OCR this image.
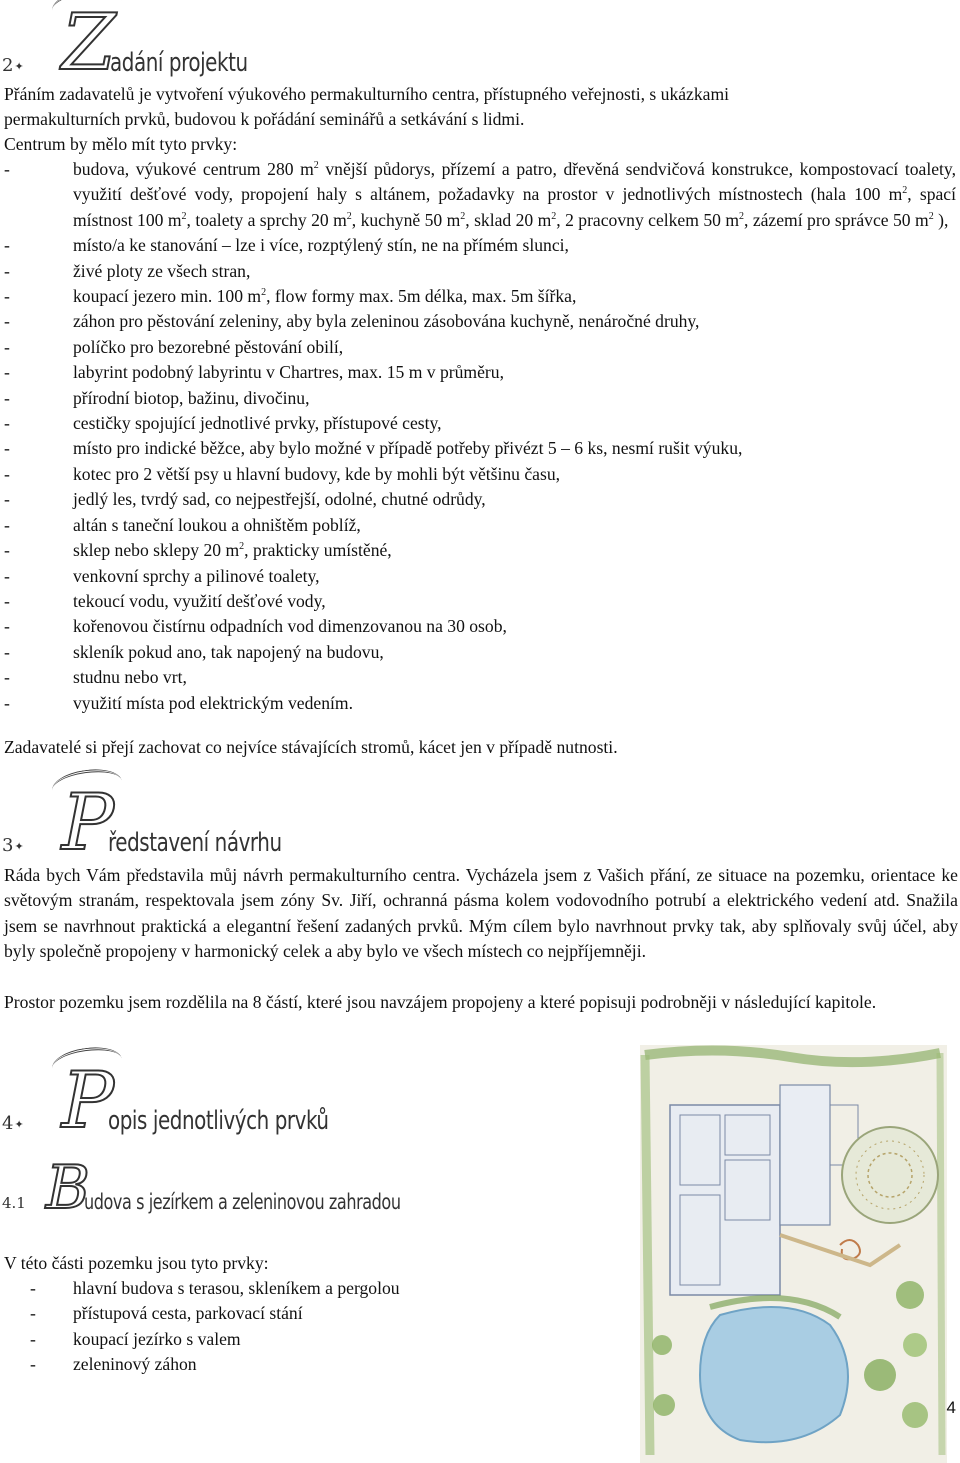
2✦ Z
adání projektu
Přáním zadavatelů je vytvoření výukového permakulturního centra, přístupného veřejnosti, s ukázkami
permakulturních prvků, budovou k pořádání seminářů a setkávání s lidmi.
Centrum by mělo mít tyto prvky:
-	budova, výukové centrum 280 $m^2$ vnější půdorys, přízemí a patro, dřevěná sendvičová konstrukce, kompostovací toalety, využití dešťové vody, propojení haly s altánem, požadavky na prostor v jednotlivých místnostech (hala 100 $m^2$, spací místnost 100 $m^2$, toalety a sprchy 20 $m^2$, kuchyně 50 $m^2$, sklad 20 $m^2$, 2 pracovny celkem 50 $m^2$, zázemí pro správce 50 $m^2$ ),
-	místo/a ke stanování – lze i více, rozptýlený stín, ne na přímém slunci,
-	živé ploty ze všech stran,
-	koupací jezero min. 100 $m^2$, flow formy max. 5m délka, max. 5m šířka,
-	záhon pro pěstování zeleniny, aby byla zeleninou zásobována kuchyně, nenáročné druhy,
-	políčko pro bezorebné pěstování obilí,
-	labyrint podobný labyrintu v Chartres, max. 15 m v průměru,
-	přírodní biotop, bažinu, divočinu,
-	cestičky spojující jednotlivé prvky, přístupové cesty,
-	místo pro indické běžce, aby bylo možné v případě potřeby přivézt 5 – 6 ks, nesmí rušit výuku,
-	kotec pro 2 větší psy u hlavní budovy, kde by mohli být většinu času,
-	jedlý les, tvrdý sad, co nejpestřejší, odolné, chutné odrůdy,
-	altán s taneční loukou a ohništěm poblíž,
-	sklep nebo sklepy 20 $m^2$, prakticky umístěné,
-	venkovní sprchy a pilinové toalety,
-	tekoucí vodu, využití dešťové vody,
-	kořenovou čistírnu odpadních vod dimenzovanou na 30 osob,
-	skleník pokud ano, tak napojený na budovu,
-	studnu nebo vrt,
-	využití místa pod elektrickým vedením.
Zadavatelé si přejí zachovat co nejvíce stávajících stromů, kácet jen v případě nutnosti.
3✦ P
ředstavení návrhu
Ráda bych Vám představila můj návrh permakulturního centra. Vycházela jsem z Vašich přání, ze situace na pozemku, orientace ke světovým stranám, respektovala jsem zóny Sv. Jiří, ochranná pásma kolem vodovodního potrubí a elektrického vedení atd. Snažila jsem se navrhnout praktická a elegantní řešení zadaných prvků. Mým cílem bylo navrhnout prvky tak, aby splňovaly svůj účel, aby byly společně propojeny v harmonický celek a aby bylo ve všech místech co nejpříjemněji.
Prostor pozemku jsem rozdělila na 8 částí, které jsou navzájem propojeny a které popisuji podrobněji v následující kapitole.
4✦ P
opis jednotlivých prvků
4.1 B
udova s jezírkem a zeleninovou zahradou
V této části pozemku jsou tyto prvky:
- hlavní budova s terasou, skleníkem a pergolou
- přístupová cesta, parkovací stání
- koupací jezírko s valem
- zeleninový záhon
4
